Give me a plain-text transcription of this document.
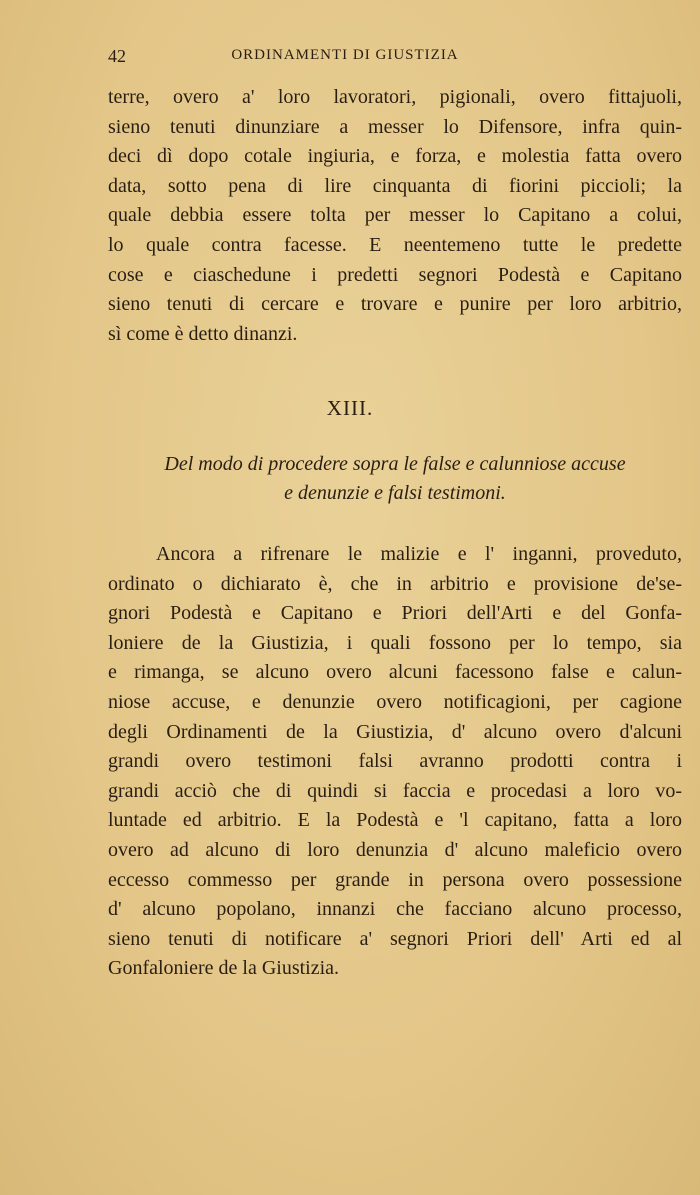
42	ORDINAMENTI DI GIUSTIZIA
terre, overo a' loro lavoratori, pigionali, overo fittajuoli,
sieno tenuti dinunziare a messer lo Difensore, infra quin-
deci dì dopo cotale ingiuria, e forza, e molestia fatta overo
data, sotto pena di lire cinquanta di fiorini piccioli; la
quale debbia essere tolta per messer lo Capitano a colui,
lo quale contra facesse. E neentemeno tutte le predette
cose e ciaschedune i predetti segnori Podestà e Capitano
sieno tenuti di cercare e trovare e punire per loro arbitrio,
sì come è detto dinanzi.
XIII.
Del modo di procedere sopra le false e calunniose accuse
e denunzie e falsi testimoni.
Ancora a rifrenare le malizie e l' inganni, proveduto,
ordinato o dichiarato è, che in arbitrio e provisione de'se-
gnori Podestà e Capitano e Priori dell'Arti e del Gonfa-
loniere de la Giustizia, i quali fossono per lo tempo, sia
e rimanga, se alcuno overo alcuni facessono false e calun-
niose accuse, e denunzie overo notificagioni, per cagione
degli Ordinamenti de la Giustizia, d' alcuno overo d'alcuni
grandi overo testimoni falsi avranno prodotti contra i
grandi acciò che di quindi si faccia e procedasi a loro vo-
luntade ed arbitrio. E la Podestà e 'l capitano, fatta a loro
overo ad alcuno di loro denunzia d' alcuno maleficio overo
eccesso commesso per grande in persona overo possessione
d' alcuno popolano, innanzi che facciano alcuno processo,
sieno tenuti di notificare a' segnori Priori dell' Arti ed al
Gonfaloniere de la Giustizia.
